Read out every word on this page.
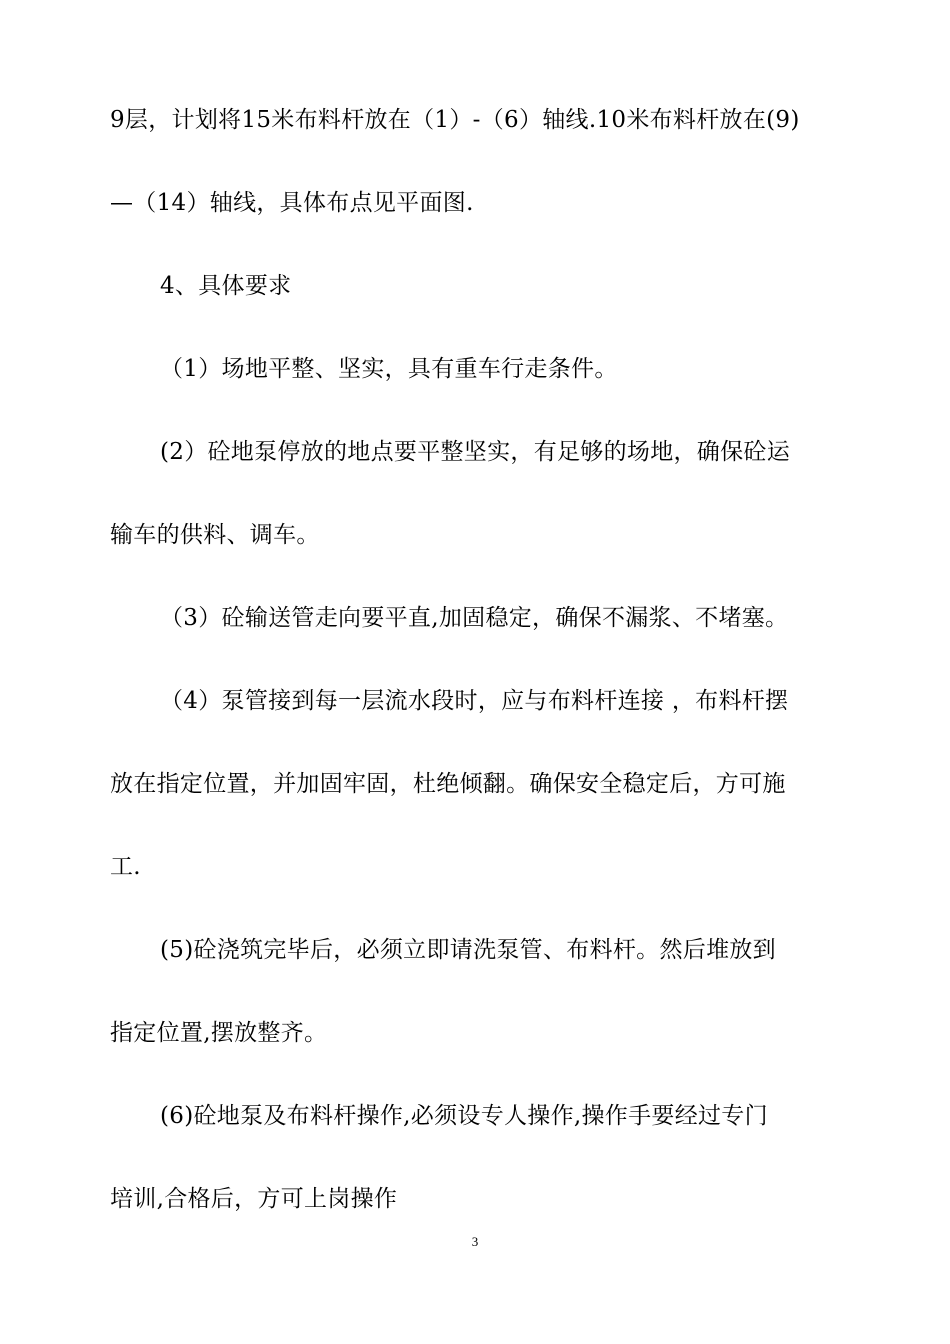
9层，计划将15米布料杆放在（1）-（6）轴线.10米布料杆放在(9)
—（14）轴线，具体布点见平面图.
4、具体要求
（1）场地平整、坚实，具有重车行走条件。
(2）砼地泵停放的地点要平整坚实，有足够的场地，确保砼运
输车的供料、调车。
（3）砼输送管走向要平直,加固稳定，确保不漏浆、不堵塞。
（4）泵管接到每一层流水段时，应与布料杆连接 ，布料杆摆
放在指定位置，并加固牢固，杜绝倾翻。确保安全稳定后，方可施
工.
(5)砼浇筑完毕后，必须立即请洗泵管、布料杆。然后堆放到
指定位置,摆放整齐。
(6)砼地泵及布料杆操作,必须设专人操作,操作手要经过专门
培训,合格后，方可上岗操作
3
